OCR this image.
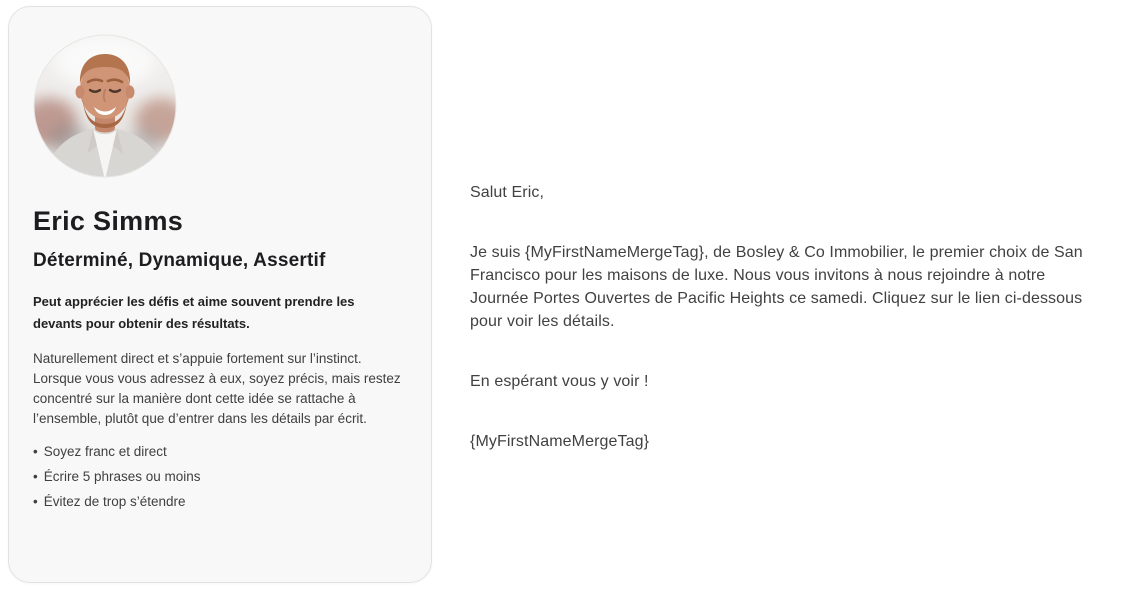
Eric Simms
Déterminé, Dynamique, Assertif

Peut apprécier les défis et aime souvent prendre les devants pour obtenir des résultats.

Naturellement direct et s’appuie fortement sur l’instinct. Lorsque vous vous adressez à eux, soyez précis, mais restez concentré sur la manière dont cette idée se rattache à l’ensemble, plutôt que d’entrer dans les détails par écrit.

• Soyez franc et direct
• Écrire 5 phrases ou moins
• Évitez de trop s’étendre

Salut Eric,

Je suis {MyFirstNameMergeTag}, de Bosley & Co Immobilier, le premier choix de San Francisco pour les maisons de luxe. Nous vous invitons à nous rejoindre à notre Journée Portes Ouvertes de Pacific Heights ce samedi. Cliquez sur le lien ci-dessous pour voir les détails.

En espérant vous y voir !

{MyFirstNameMergeTag}
